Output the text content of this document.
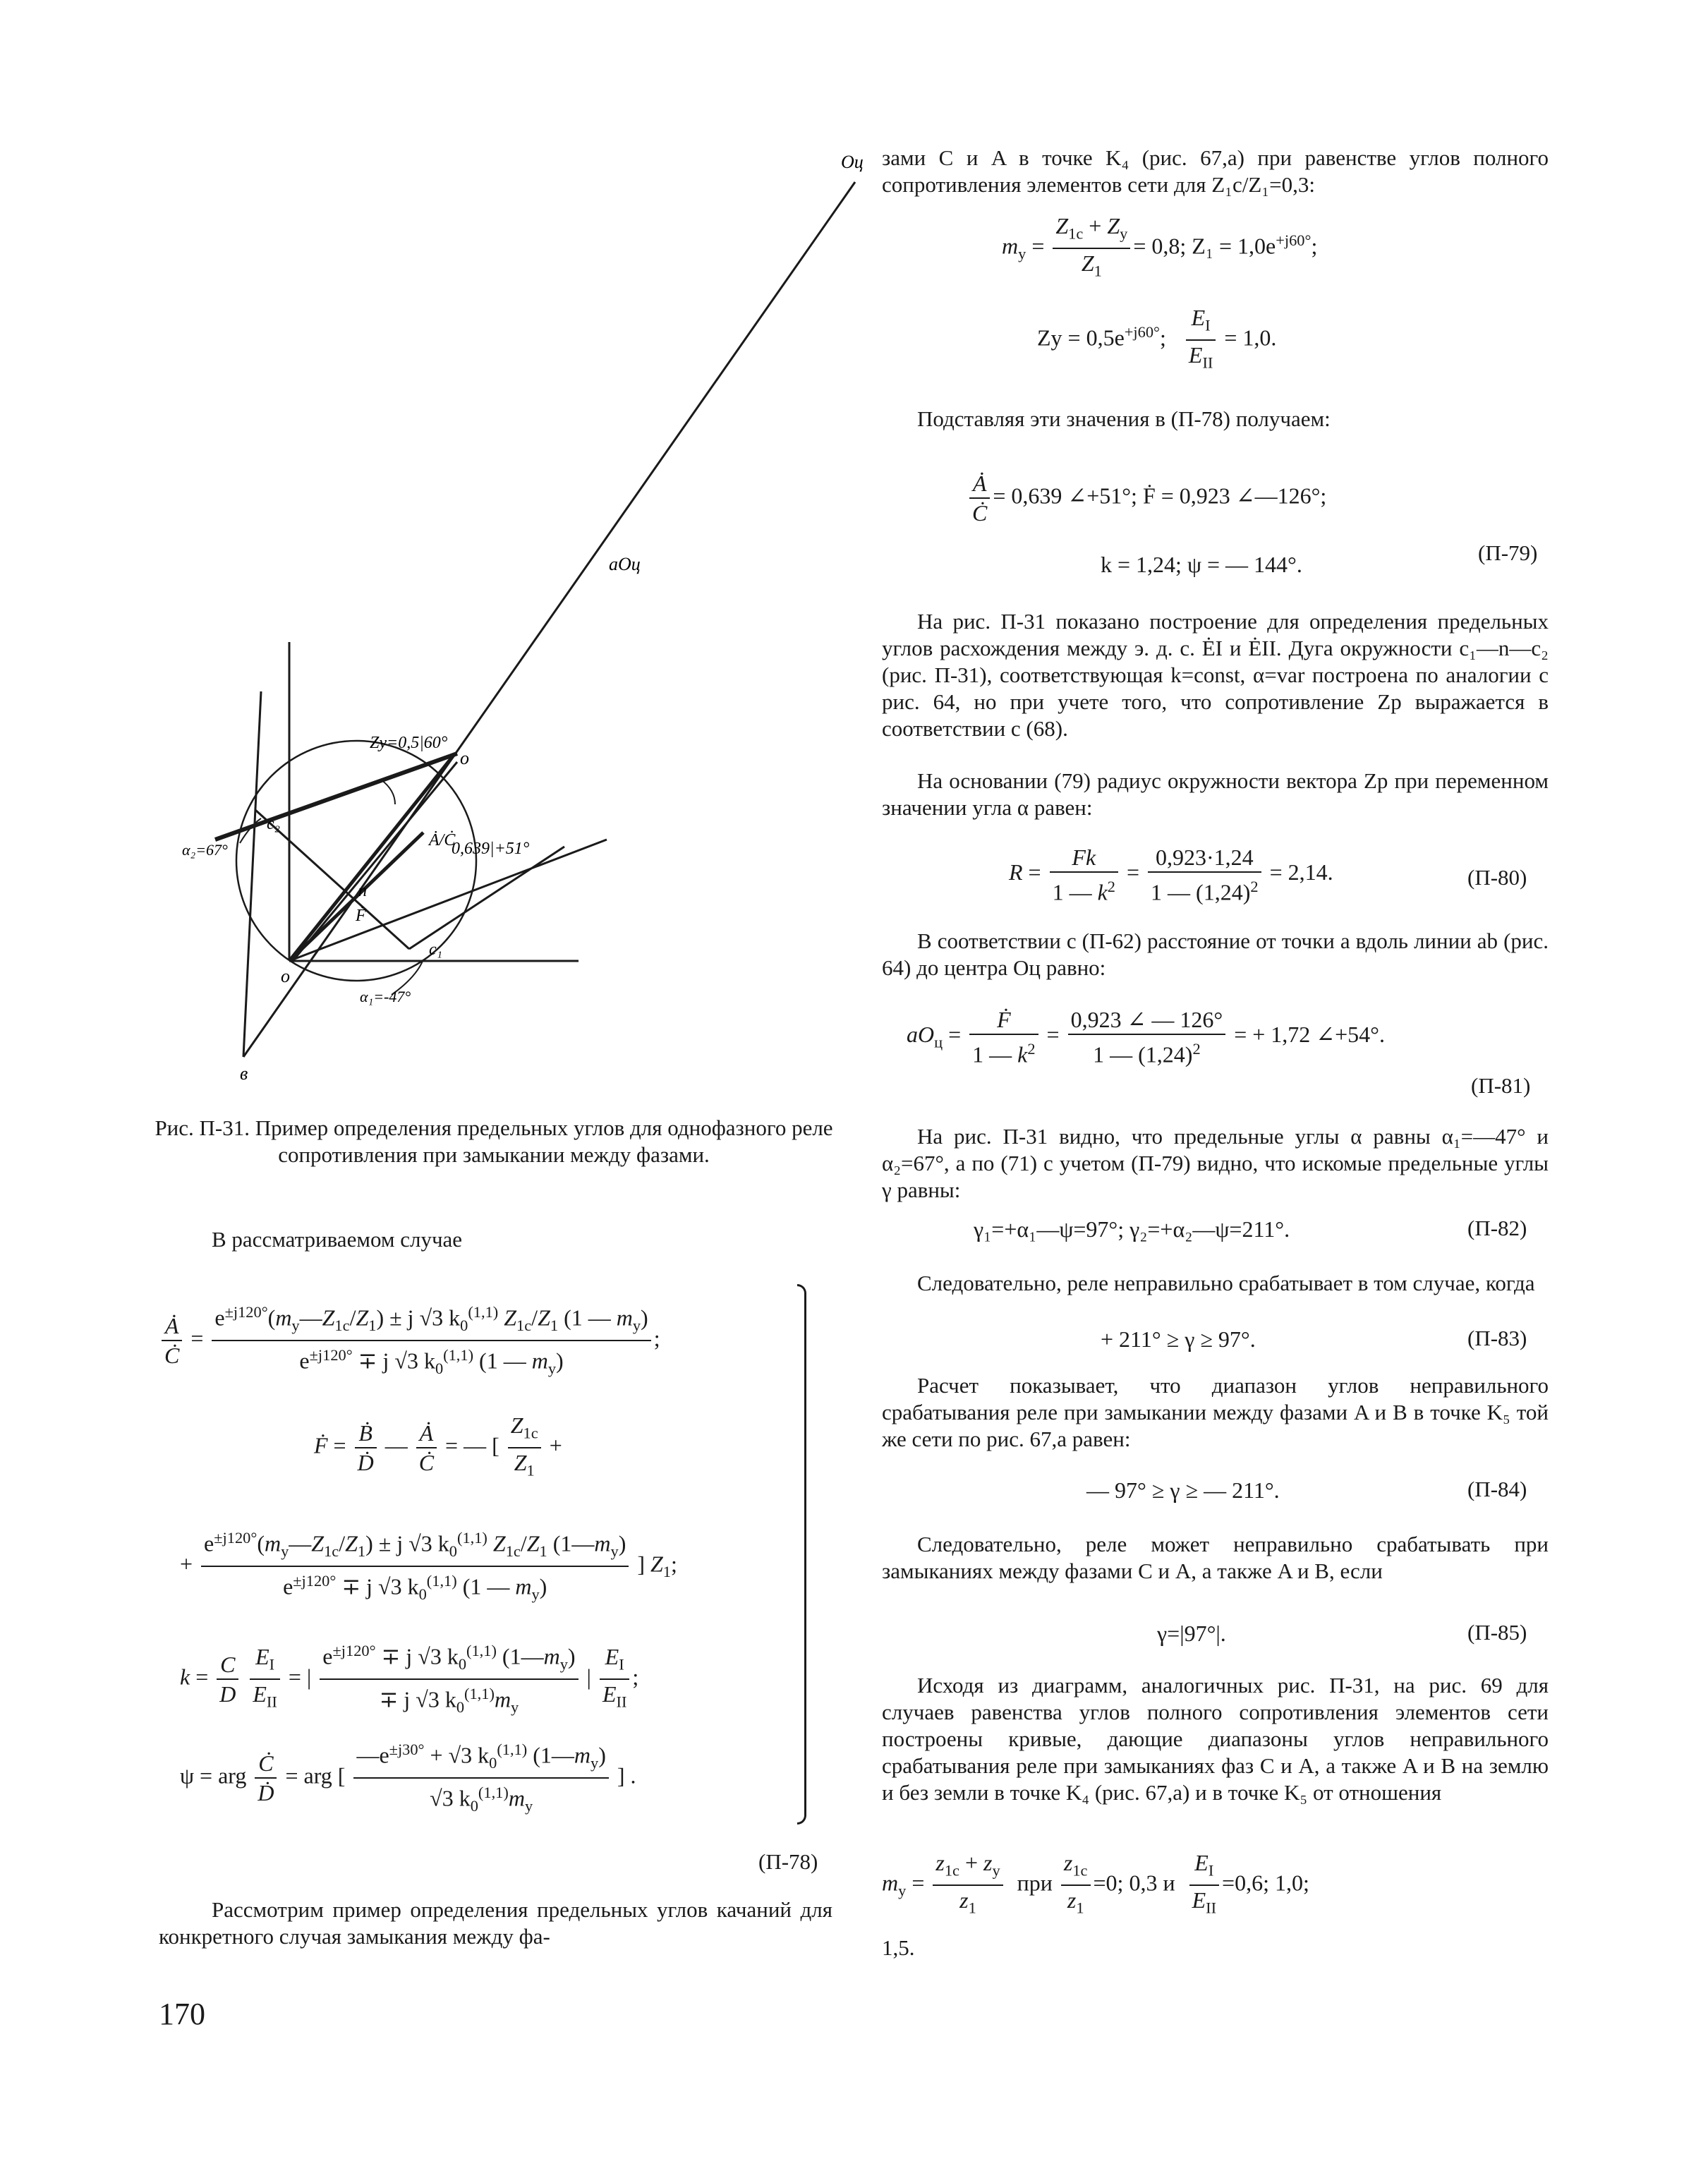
Оц
аОц
Zу=0,5|60°
o
Ȧ/Ċ
0,639|+51°
c₂
α₂=67°
n
Ḟ
c₁
o
α₁=-47°
в
Рис. П-31. Пример определения предельных углов для однофазного реле сопротивления при замыкании между фазами.
В рассматриваемом случае
$\frac{Ȧ}{Ċ} = \frac{e^{\pm j120^\circ}(m_у—Z_{1c}/Z_1) \pm j √3 k_0^{(1,1)} Z_{1c}/Z_1 (1 — m_у)}{e^{\pm j120^\circ} \mp j √3 k_0^{(1,1)} (1 — m_у)}$ ;
Ḟ = $\frac{\text{Ḃ}}{\text{Ḋ}}$ — $\frac{Ȧ}{Ċ}$ = — [ $\frac{Z_{1c}}{Z_1}$ +
+ $\frac{e^{\pm j120^\circ}(m_у—Z_{1c}/Z_1) \pm j √3 k_0^{(1,1)} Z_{1c}/Z_1 (1—m_у)}{e^{\pm j120^\circ} \mp j √3 k_0^{(1,1)} (1 — m_у)}$ ] $Z_1$;
$k = \frac{C}{D}$
$\frac{E_I}{E_{II}}$ = | $\frac{e^{\pm j120^\circ} \mp j √3 k_0^{(1,1)} (1—m_у)}{\mp j √3 k_0^{(1,1)}m_у}$ | $\frac{E_I}{E_{II}}$ ;
ψ = arg $\frac{Ċ}{\text{Ḋ}}$ = arg [ $\frac{—e^{\pm j30^\circ} + √3 k_0^{(1,1)} (1—m_у)}{√3 k_0^{(1,1)}m_у}$ ] .
(П-78)
Рассмотрим пример определения предельных углов качаний для конкретного случая замыкания между фа-
170
зами C и A в точке K₄ (рис. 67,а) при равенстве углов полного сопротивления элементов сети для Z₁c/Z₁=0,3:
$m_у = \frac{Z_{1c} + Z_у}{Z_1} = 0,8$; $Z_1 = 1,0e^{+j60^\circ}$;
Zу = $0,5e^{+j60^\circ}$; $\frac{E_I}{E_{II}} = 1,0$.
Подставляя эти значения в (П-78) получаем:
$\frac{Ȧ}{Ċ} = 0,639$ ∠+51°; Ḟ = 0,923 ∠—126°;
k = 1,24; ψ = — 144°.	(П-79)
На рис. П-31 показано построение для определения предельных углов расхождения между э. д. с. ĖI и ĖII. Дуга окружности c₁—n—c₂ (рис. П-31), соответствующая k=const, α=var построена по аналогии с рис. 64, но при учете того, что сопротивление Zр выражается в соответствии с (68).
На основании (79) радиус окружности вектора Zр при переменном значении угла α равен:
$R = \frac{Fk}{1 — k^2} = \frac{0,923\cdot 1,24}{1 — (1,24)^2} = 2,14$.	(П-80)
В соответствии с (П-62) расстояние от точки a вдоль линии ab (рис. 64) до центра Oц равно:
$aO_ц = \frac{\text{Ḟ}}{1 — k^2} = \frac{0,923 \angle — 126^\circ}{1 — (1,24)^2}$ = + 1,72 ∠+54°.
(П-81)
На рис. П-31 видно, что предельные углы α равны α₁=—47° и α₂=67°, а по (71) с учетом (П-79) видно, что искомые предельные углы γ равны:
γ₁=+α₁—ψ=97°; γ₂=+α₂—ψ=211°.	(П-82)
Следовательно, реле неправильно срабатывает в том случае, когда
+ 211° ≥ γ ≥ 97°.	(П-83)
Расчет показывает, что диапазон углов неправильного срабатывания реле при замыкании между фазами A и B в точке K₅ той же сети по рис. 67,а равен:
— 97° ≥ γ ≥ — 211°.	(П-84)
Следовательно, реле может неправильно срабатывать при замыканиях между фазами C и A, а также A и B, если
γ=|97°|.	(П-85)
Исходя из диаграмм, аналогичных рис. П-31, на рис. 69 для случаев равенства углов полного сопротивления элементов сети построены кривые, дающие диапазоны углов неправильного срабатывания реле при замыканиях фаз C и A, а также A и B на землю и без земли в точке K₄ (рис. 67,а) и в точке K₅ от отношения
$m_у = \frac{z_{1c} + z_у}{z_1}$ при $\frac{z_{1c}}{z_1} =0$; 0,3 и $\frac{E_I}{E_{II}} =0,6$; 1,0;
1,5.
